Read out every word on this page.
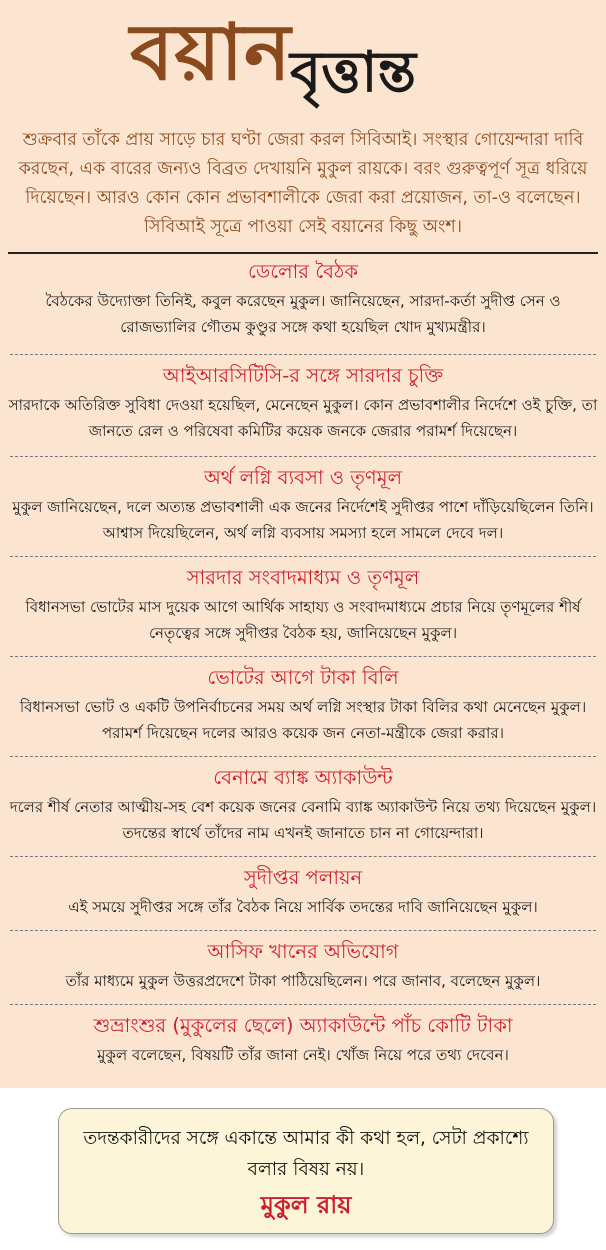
বয়ান
বৃত্তান্ত
শুক্রবার তাঁকে প্রায় সাড়ে চার ঘণ্টা জেরা করল সিবিআই। সংস্থার গোয়েন্দারা দাবি করছেন, এক বারের জন্যও বিব্রত দেখায়নি মুকুল রায়কে। বরং গুরুত্বপূর্ণ সূত্র ধরিয়ে দিয়েছেন। আরও কোন কোন প্রভাবশালীকে জেরা করা প্রয়োজন, তা-ও বলেছেন। সিবিআই সূত্রে পাওয়া সেই বয়ানের কিছু অংশ।
ডেলোর বৈঠক

বৈঠকের উদ্যোক্তা তিনিই, কবুল করেছেন মুকুল। জানিয়েছেন, সারদা-কর্তা সুদীপ্ত সেন ও রোজভ্যালির গৌতম কুণ্ডুর সঙ্গে কথা হয়েছিল খোদ মুখ্যমন্ত্রীর।

আইআরসিটিসি-র সঙ্গে সারদার চুক্তি

সারদাকে অতিরিক্ত সুবিধা দেওয়া হয়েছিল, মেনেছেন মুকুল। কোন প্রভাবশালীর নির্দেশে ওই চুক্তি, তা জানতে রেল ও পরিষেবা কমিটির কয়েক জনকে জেরার পরামর্শ দিয়েছেন।

অর্থ লগ্নি ব্যবসা ও তৃণমূল

মুকুল জানিয়েছেন, দলে অত্যন্ত প্রভাবশালী এক জনের নির্দেশেই সুদীপ্তর পাশে দাঁড়িয়েছিলেন তিনি। আশ্বাস দিয়েছিলেন, অর্থ লগ্নি ব্যবসায় সমস্যা হলে সামলে দেবে দল।

সারদার সংবাদমাধ্যম ও তৃণমূল

বিধানসভা ভোটের মাস দুয়েক আগে আর্থিক সাহায্য ও সংবাদমাধ্যমে প্রচার নিয়ে তৃণমূলের শীর্ষ নেতৃত্বের সঙ্গে সুদীপ্তর বৈঠক হয়, জানিয়েছেন মুকুল।

ভোটের আগে টাকা বিলি

বিধানসভা ভোট ও একটি উপনির্বাচনের সময় অর্থ লগ্নি সংস্থার টাকা বিলির কথা মেনেছেন মুকুল। পরামর্শ দিয়েছেন দলের আরও কয়েক জন নেতা-মন্ত্রীকে জেরা করার।

বেনামে ব্যাঙ্ক অ্যাকাউন্ট

দলের শীর্ষ নেতার আত্মীয়-সহ বেশ কয়েক জনের বেনামি ব্যাঙ্ক অ্যাকাউন্ট নিয়ে তথ্য দিয়েছেন মুকুল। তদন্তের স্বার্থে তাঁদের নাম এখনই জানাতে চান না গোয়েন্দারা।

সুদীপ্তর পলায়ন

এই সময়ে সুদীপ্তর সঙ্গে তাঁর বৈঠক নিয়ে সার্বিক তদন্তের দাবি জানিয়েছেন মুকুল।

আসিফ খানের অভিযোগ

তাঁর মাধ্যমে মুকুল উত্তরপ্রদেশে টাকা পাঠিয়েছিলেন। পরে জানাব, বলেছেন মুকুল।

শুভ্রাংশুর (মুকুলের ছেলে) অ্যাকাউন্টে পাঁচ কোটি টাকা

মুকুল বলেছেন, বিষয়টি তাঁর জানা নেই। খোঁজ নিয়ে পরে তথ্য দেবেন।

তদন্তকারীদের সঙ্গে একান্তে আমার কী কথা হল, সেটা প্রকাশ্যে বলার বিষয় নয়।
মুকুল রায়
